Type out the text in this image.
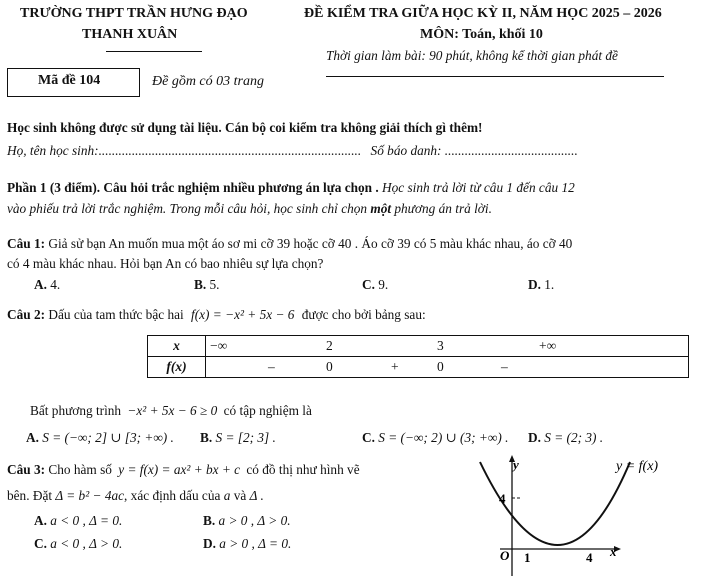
TRƯỜNG THPT TRẦN HƯNG ĐẠO
THANH XUÂN
ĐỀ KIỂM TRA GIỮA HỌC KỲ II, NĂM HỌC 2025 – 2026
MÔN: Toán, khối 10
Thời gian làm bài: 90 phút, không kể thời gian phát đề
Mã đề 104	Đề gồm có 03 trang
Học sinh không được sử dụng tài liệu. Cán bộ coi kiểm tra không giải thích gì thêm!
Họ, tên học sinh:............................................................................... Số báo danh: ........................................
Phần 1 (3 điểm). Câu hỏi trắc nghiệm nhiều phương án lựa chọn . Học sinh trả lời từ câu 1 đến câu 12
vào phiếu trả lời trắc nghiệm. Trong mỗi câu hỏi, học sinh chỉ chọn một phương án trả lời.
Câu 1: Giả sử bạn An muốn mua một áo sơ mi cỡ 39 hoặc cỡ 40 . Áo cỡ 39 có 5 màu khác nhau, áo cỡ 40
có 4 màu khác nhau. Hỏi bạn An có bao nhiêu sự lựa chọn?
A. 4.	B. 5.	C. 9.	D. 1.
Câu 2: Dấu của tam thức bậc hai f(x) = −x² + 5x − 6 được cho bởi bảng sau:
x	−∞ 2 3 +∞

f(x)	– 0 + 0 –
Bất phương trình −x² + 5x − 6 ≥ 0 có tập nghiệm là
A. S = (−∞; 2] ∪ [3; +∞) . B. S = [2; 3] .	C. S = (−∞; 2) ∪ (3; +∞) . D. S = (2; 3) .
Câu 3: Cho hàm số y = f(x) = ax² + bx + c có đồ thị như hình vẽ
bên. Đặt Δ = b² − 4ac, xác định dấu của a và Δ .
A. a < 0 , Δ = 0.	B. a > 0 , Δ > 0.
C. a < 0 , Δ > 0.	D. a > 0 , Δ = 0.
y
x
O
4
1	4
y = f(x)
